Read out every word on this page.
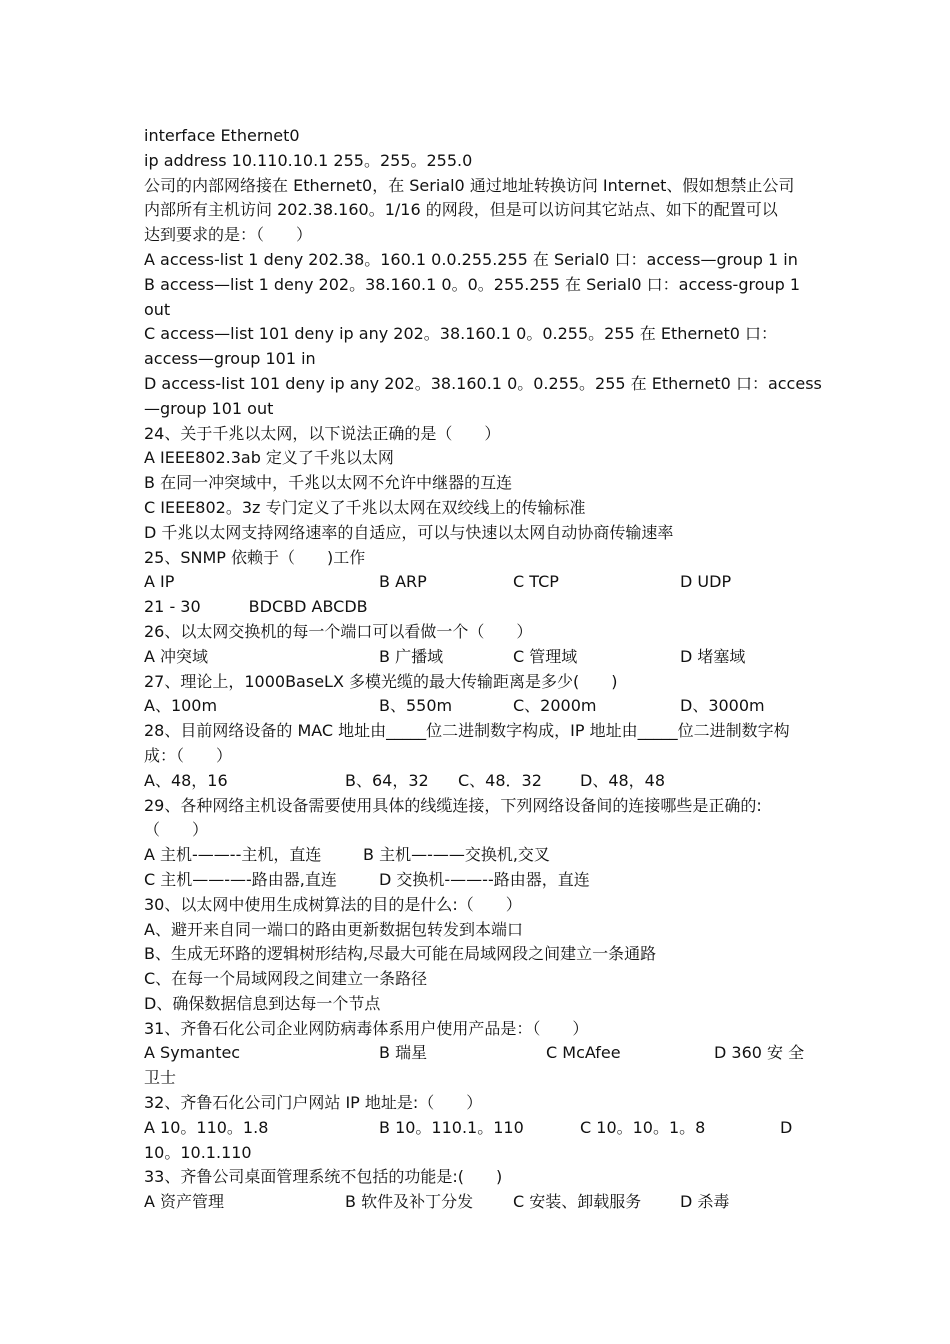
interface Ethernet0
ip address 10.110.10.1 255。255。255.0
公司的内部网络接在 Ethernet0，在 Serial0 通过地址转换访问 Internet、假如想禁止公司
内部所有主机访问 202.38.160。1/16 的网段，但是可以访问其它站点、如下的配置可以
达到要求的是：（　　）
A access-list 1 deny 202.38。160.1 0.0.255.255 在 Serial0 口：access—group 1 in
B access—list 1 deny 202。38.160.1 0。0。255.255 在 Serial0 口：access-group 1
out
C access—list 101 deny ip any 202。38.160.1 0。0.255。255 在 Ethernet0 口：
access—group 101 in
D access-list 101 deny ip any 202。38.160.1 0。0.255。255 在 Ethernet0 口：access
—group 101 out
24、关于千兆以太网，以下说法正确的是（　　）
A IEEE802.3ab 定义了千兆以太网
B 在同一冲突域中，千兆以太网不允许中继器的互连
C IEEE802。3z 专门定义了千兆以太网在双绞线上的传输标准
D 千兆以太网支持网络速率的自适应，可以与快速以太网自动协商传输速率
25、SNMP 依赖于（　　)工作
A IP	B ARP	C TCP	D UDP
21 - 30　　　BDCBD ABCDB
26、以太网交换机的每一个端口可以看做一个（　　）
A 冲突域	B 广播域	C 管理域	D 堵塞域
27、理论上，1000BaseLX 多模光缆的最大传输距离是多少(　　)
A、100m	B、550m	C、2000m	D、3000m
28、目前网络设备的 MAC 地址由_____位二进制数字构成，IP 地址由_____位二进制数字构
成：（　　）
A、48，16	B、64，32 C、48．32 D、48，48
29、各种网络主机设备需要使用具体的线缆连接，下列网络设备间的连接哪些是正确的:
（　　）
A 主机-——--主机，直连	B 主机—-——交换机,交叉
C 主机——-—-路由器,直连	D 交换机-——--路由器，直连
30、以太网中使用生成树算法的目的是什么:（　　）
A、避开来自同一端口的路由更新数据包转发到本端口
B、生成无环路的逻辑树形结构,尽最大可能在局域网段之间建立一条通路
C、在每一个局域网段之间建立一条路径
D、确保数据信息到达每一个节点
31、齐鲁石化公司企业网防病毒体系用户使用产品是：（　　）
A Symantec	B 瑞星	C McAfee	D 360 安 全
卫士
32、齐鲁石化公司门户网站 IP 地址是:（　　）
A 10。110。1.8	B 10。110.1。110	C 10。10。1。8	D
10。10.1.110
33、齐鲁公司桌面管理系统不包括的功能是:(　　)
A 资产管理	B 软件及补丁分发 C 安装、卸载服务 D 杀毒
